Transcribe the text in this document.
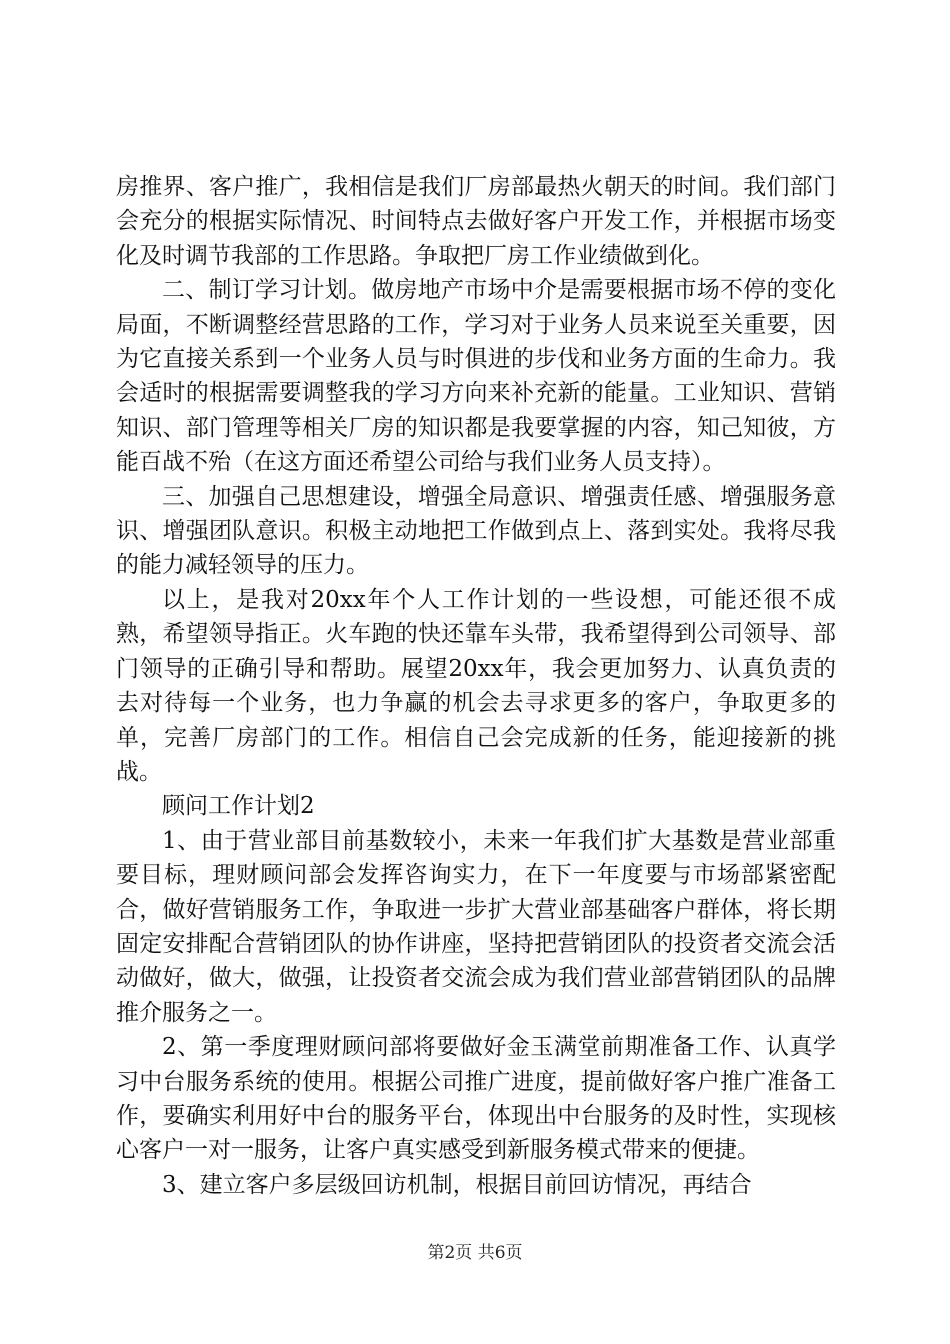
房推界、客户推广，我相信是我们厂房部最热火朝天的时间。我们部门会充分的根据实际情况、时间特点去做好客户开发工作，并根据市场变化及时调节我部的工作思路。争取把厂房工作业绩做到化。

二、制订学习计划。做房地产市场中介是需要根据市场不停的变化局面，不断调整经营思路的工作，学习对于业务人员来说至关重要，因为它直接关系到一个业务人员与时俱进的步伐和业务方面的生命力。我会适时的根据需要调整我的学习方向来补充新的能量。工业知识、营销知识、部门管理等相关厂房的知识都是我要掌握的内容，知己知彼，方能百战不殆（在这方面还希望公司给与我们业务人员支持）。

三、加强自己思想建设，增强全局意识、增强责任感、增强服务意识、增强团队意识。积极主动地把工作做到点上、落到实处。我将尽我的能力减轻领导的压力。

以上，是我对20xx年个人工作计划的一些设想，可能还很不成熟，希望领导指正。火车跑的快还靠车头带，我希望得到公司领导、部门领导的正确引导和帮助。展望20xx年，我会更加努力、认真负责的去对待每一个业务，也力争赢的机会去寻求更多的客户，争取更多的单，完善厂房部门的工作。相信自己会完成新的任务，能迎接新的挑战。

顾问工作计划2

1、由于营业部目前基数较小，未来一年我们扩大基数是营业部重要目标，理财顾问部会发挥咨询实力，在下一年度要与市场部紧密配合，做好营销服务工作，争取进一步扩大营业部基础客户群体，将长期固定安排配合营销团队的协作讲座，坚持把营销团队的投资者交流会活动做好，做大，做强，让投资者交流会成为我们营业部营销团队的品牌推介服务之一。

2、第一季度理财顾问部将要做好金玉满堂前期准备工作、认真学习中台服务系统的使用。根据公司推广进度，提前做好客户推广准备工作，要确实利用好中台的服务平台，体现出中台服务的及时性，实现核心客户一对一服务，让客户真实感受到新服务模式带来的便捷。

3、建立客户多层级回访机制，根据目前回访情况，再结合

第2页 共6页
